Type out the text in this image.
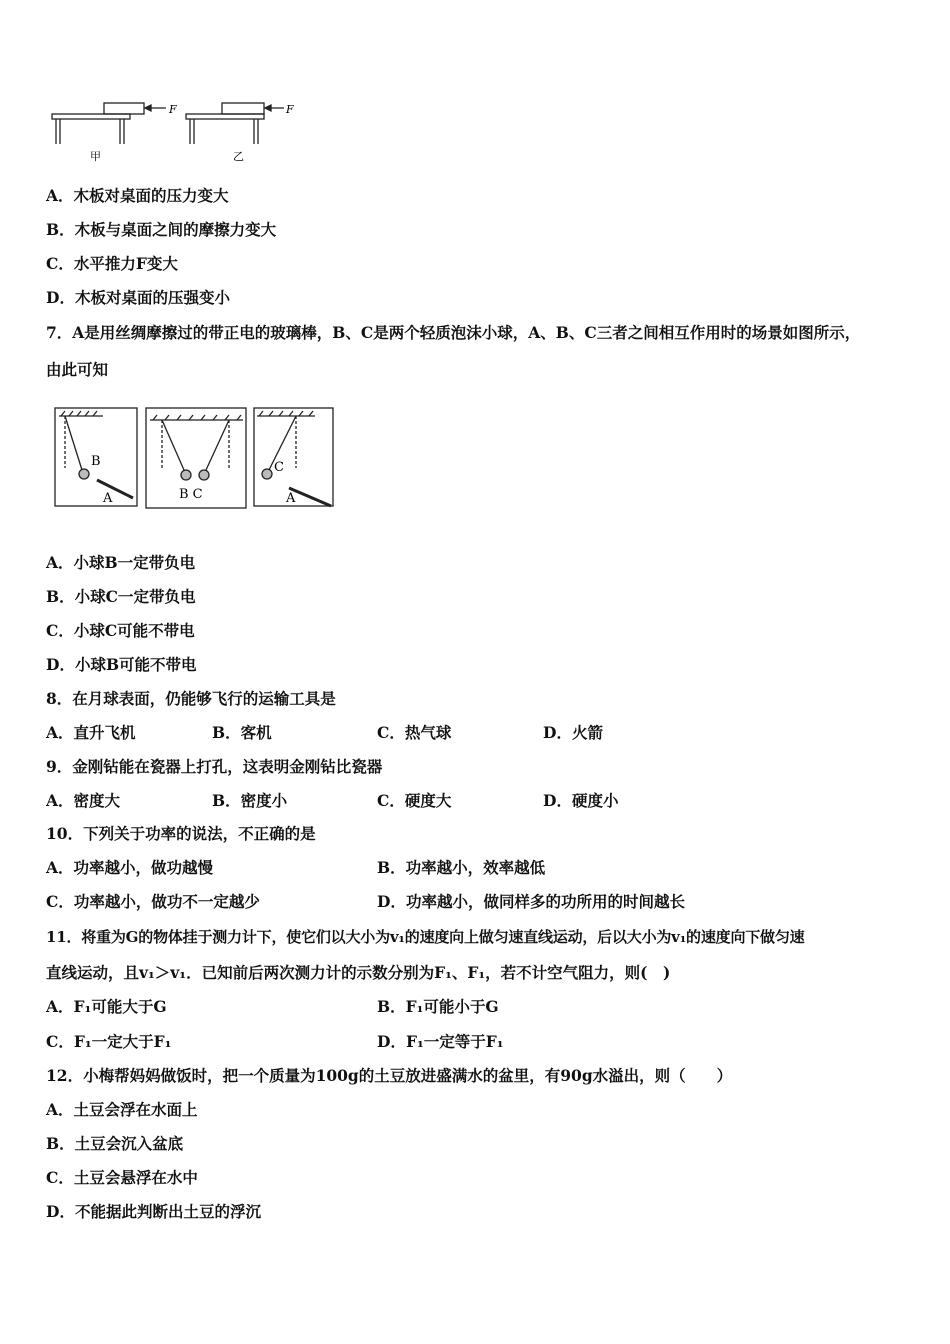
F	F
甲	乙
A．木板对桌面的压力变大
B．木板与桌面之间的摩擦力变大
C．水平推力F变大
D．木板对桌面的压强变小
7．A是用丝绸摩擦过的带正电的玻璃棒，B、C是两个轻质泡沫小球，A、B、C三者之间相互作用时的场景如图所示，
由此可知
B
A	B C
C
A
A．小球B一定带负电
B．小球C一定带负电
C．小球C可能不带电
D．小球B可能不带电
8．在月球表面，仍能够飞行的运输工具是
A．直升飞机	B．客机	C．热气球	D．火箭
9．金刚钻能在瓷器上打孔，这表明金刚钻比瓷器
A．密度大	B．密度小	C．硬度大	D．硬度小
10．下列关于功率的说法，不正确的是
A．功率越小，做功越慢	B．功率越小，效率越低
C．功率越小，做功不一定越少	D．功率越小，做同样多的功所用的时间越长
11．将重为G的物体挂于测力计下，使它们以大小为v₁的速度向上做匀速直线运动，后以大小为v₁的速度向下做匀速
直线运动，且v₁＞v₁．已知前后两次测力计的示数分别为F₁、F₁，若不计空气阻力，则(　)
A．F₁可能大于G	B．F₁可能小于G
C．F₁一定大于F₁	D．F₁一定等于F₁
12．小梅帮妈妈做饭时，把一个质量为100g的土豆放进盛满水的盆里，有90g水溢出，则（　　）
A．土豆会浮在水面上
B．土豆会沉入盆底
C．土豆会悬浮在水中
D．不能据此判断出土豆的浮沉
